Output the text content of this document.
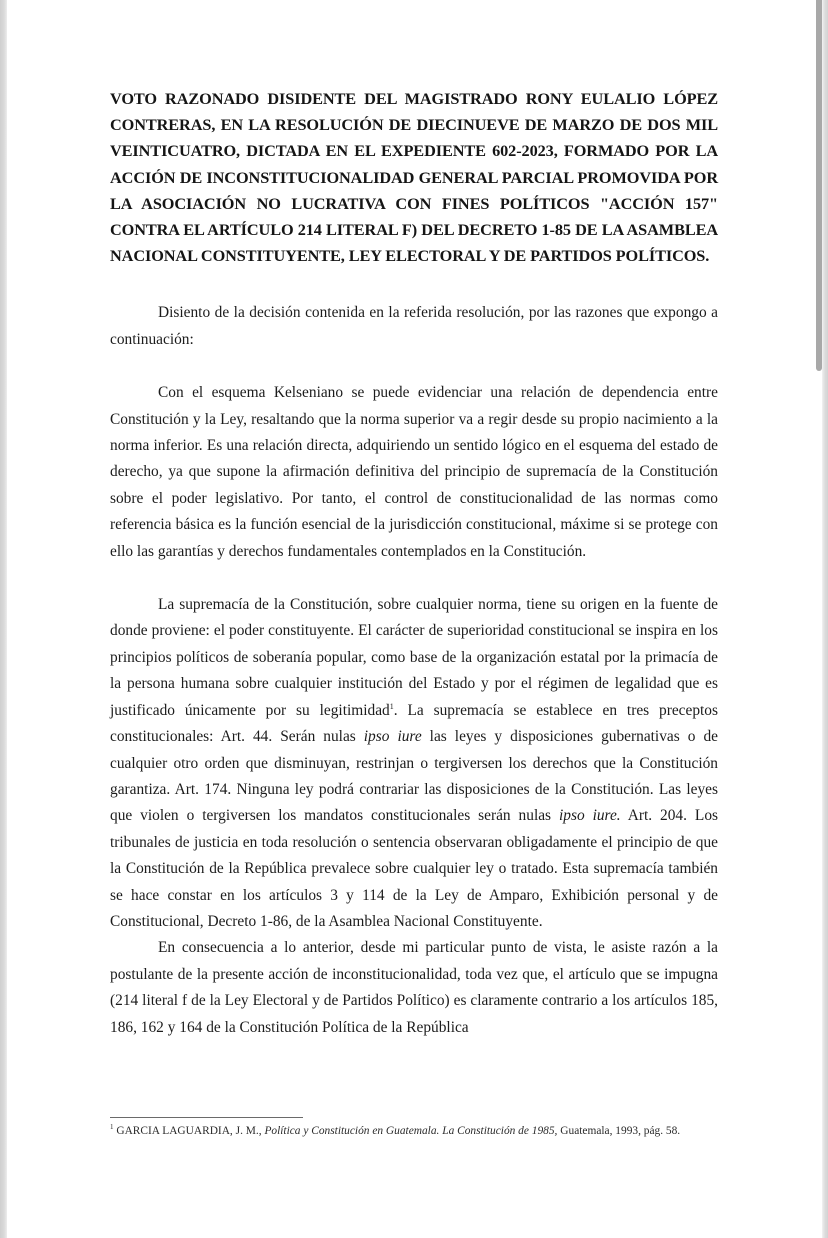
VOTO RAZONADO DISIDENTE DEL MAGISTRADO RONY EULALIO LÓPEZ CONTRERAS, EN LA RESOLUCIÓN DE DIECINUEVE DE MARZO DE DOS MIL VEINTICUATRO, DICTADA EN EL EXPEDIENTE 602-2023, FORMADO POR LA ACCIÓN DE INCONSTITUCIONALIDAD GENERAL PARCIAL PROMOVIDA POR LA ASOCIACIÓN NO LUCRATIVA CON FINES POLÍTICOS "ACCIÓN 157" CONTRA EL ARTÍCULO 214 LITERAL F) DEL DECRETO 1-85 DE LA ASAMBLEA NACIONAL CONSTITUYENTE, LEY ELECTORAL Y DE PARTIDOS POLÍTICOS.

Disiento de la decisión contenida en la referida resolución, por las razones que expongo a continuación:

Con el esquema Kelseniano se puede evidenciar una relación de dependencia entre Constitución y la Ley, resaltando que la norma superior va a regir desde su propio nacimiento a la norma inferior. Es una relación directa, adquiriendo un sentido lógico en el esquema del estado de derecho, ya que supone la afirmación definitiva del principio de supremacía de la Constitución sobre el poder legislativo. Por tanto, el control de constitucionalidad de las normas como referencia básica es la función esencial de la jurisdicción constitucional, máxime si se protege con ello las garantías y derechos fundamentales contemplados en la Constitución.

La supremacía de la Constitución, sobre cualquier norma, tiene su origen en la fuente de donde proviene: el poder constituyente. El carácter de superioridad constitucional se inspira en los principios políticos de soberanía popular, como base de la organización estatal por la primacía de la persona humana sobre cualquier institución del Estado y por el régimen de legalidad que es justificado únicamente por su legitimidad$^1$. La supremacía se establece en tres preceptos constitucionales: Art. 44. Serán nulas ipso iure las leyes y disposiciones gubernativas o de cualquier otro orden que disminuyan, restrinjan o tergiversen los derechos que la Constitución garantiza. Art. 174. Ninguna ley podrá contrariar las disposiciones de la Constitución. Las leyes que violen o tergiversen los mandatos constitucionales serán nulas ipso iure. Art. 204. Los tribunales de justicia en toda resolución o sentencia observaran obligadamente el principio de que la Constitución de la República prevalece sobre cualquier ley o tratado. Esta supremacía también se hace constar en los artículos 3 y 114 de la Ley de Amparo, Exhibición personal y de Constitucional, Decreto 1-86, de la Asamblea Nacional Constituyente.

En consecuencia a lo anterior, desde mi particular punto de vista, le asiste razón a la postulante de la presente acción de inconstitucionalidad, toda vez que, el artículo que se impugna (214 literal f de la Ley Electoral y de Partidos Político) es claramente contrario a los artículos 185, 186, 162 y 164 de la Constitución Política de la República

$^1$ GARCIA LAGUARDIA, J. M., Política y Constitución en Guatemala. La Constitución de 1985, Guatemala, 1993, pág. 58.
